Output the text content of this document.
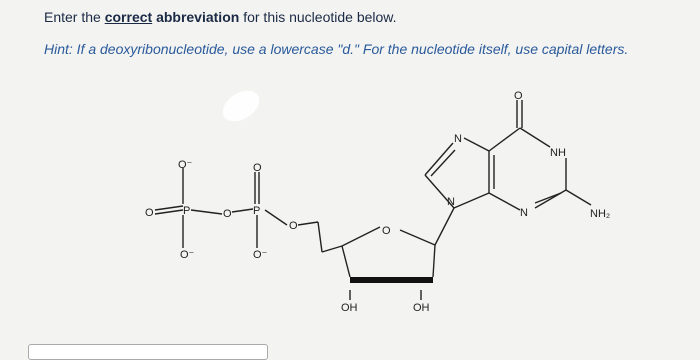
Enter the correct abbreviation for this nucleotide below.
Hint: If a deoxyribonucleotide, use a lowercase "d." For the nucleotide itself, use capital letters.
O⁻
O	P
O⁻
O
O
P
O⁻
O	O
OH	OH
N
N
O
NH
N	NH₂
